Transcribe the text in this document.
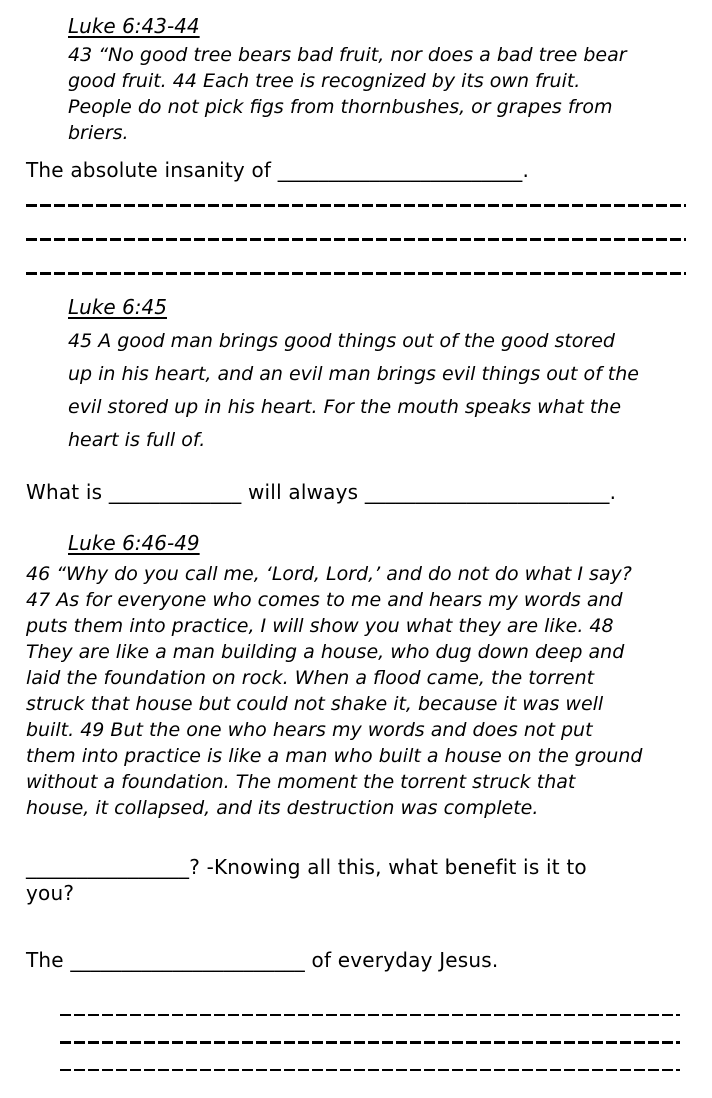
Luke 6:43-44
43 “No good tree bears bad fruit, nor does a bad tree bear
good fruit. 44 Each tree is recognized by its own fruit.
People do not pick figs from thornbushes, or grapes from
briers.
The absolute insanity of ________________________.
Luke 6:45
45 A good man brings good things out of the good stored
up in his heart, and an evil man brings evil things out of the
evil stored up in his heart. For the mouth speaks what the
heart is full of.
What is _____________ will always ________________________.
Luke 6:46-49
46 “Why do you call me, ‘Lord, Lord,’ and do not do what I say?
47 As for everyone who comes to me and hears my words and
puts them into practice, I will show you what they are like. 48
They are like a man building a house, who dug down deep and
laid the foundation on rock. When a flood came, the torrent
struck that house but could not shake it, because it was well
built. 49 But the one who hears my words and does not put
them into practice is like a man who built a house on the ground
without a foundation. The moment the torrent struck that
house, it collapsed, and its destruction was complete.
________________? -Knowing all this, what benefit is it to
you?
The _______________________ of everyday Jesus.
